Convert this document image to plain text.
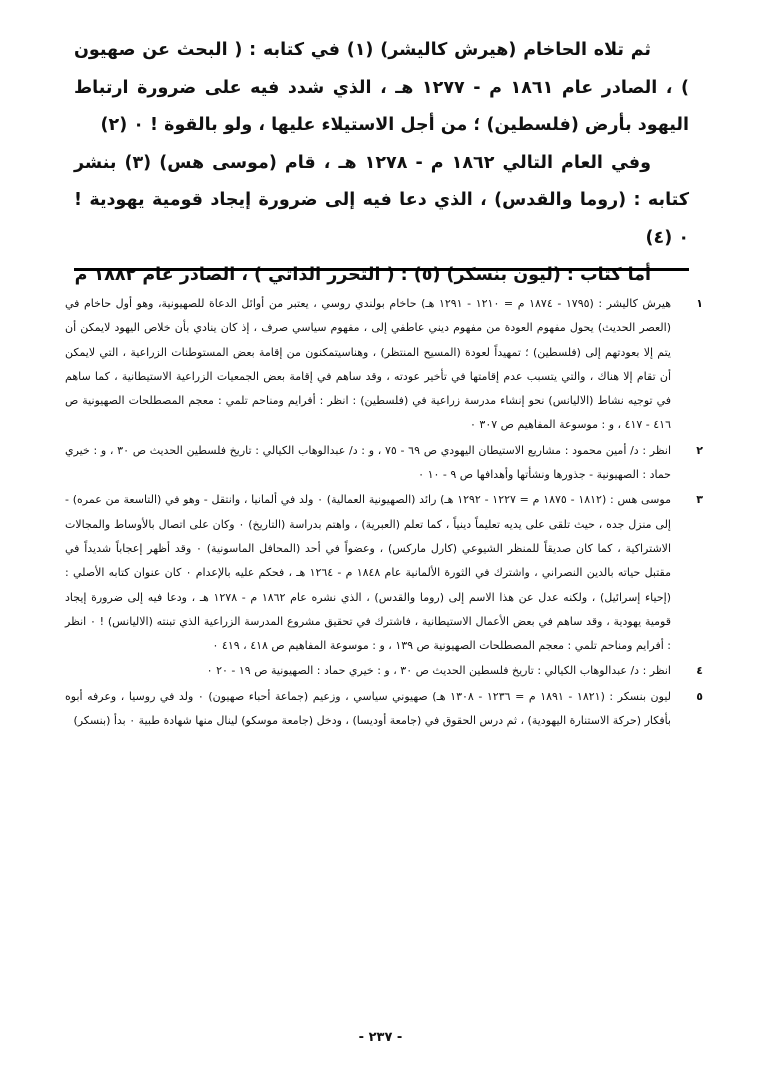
ثم تلاه الحاخام (هيرش كاليشر) (١) في كتابه : ( البحث عن صهيون ) ، الصادر عام ١٨٦١ م - ١٢٧٧ هـ ، الذي شدد فيه على ضرورة ارتباط اليهود بأرض (فلسطين) ؛ من أجل الاستيلاء عليها ، ولو بالقوة ! ٠ (٢)

وفي العام التالي ١٨٦٢ م - ١٢٧٨ هـ ، قام (موسى هس) (٣) بنشر كتابه : (روما والقدس) ، الذي دعا فيه إلى ضرورة إيجاد قومية يهودية ! ٠ (٤)

أما كتاب : (ليون بنسكر) (٥) : ( التحرر الذاتي ) ، الصادر عام ١٨٨٢ م

١
هيرش كاليشر : (١٧٩٥ - ١٨٧٤ م = ١٢١٠ - ١٢٩١ هـ) حاخام بولندي روسي ، يعتبر من أوائل الدعاة للصهيونية، وهو أول حاخام في (العصر الحديث) يحول مفهوم العودة من مفهوم ديني عاطفي إلى ، مفهوم سياسي صرف ، إذ كان ينادي بأن خلاص اليهود لايمكن أن يتم إلا بعودتهم إلى (فلسطين) ؛ تمهيداً لعودة (المسيح المنتظر) ، وهناسيتمكنون من إقامة بعض المستوطنات الزراعية ، التي لايمكن أن تقام إلا هناك ، والتي يتسبب عدم إقامتها في تأخير عودته ، وقد ساهم في إقامة بعض الجمعيات الزراعية الاستيطانية ، كما ساهم في توجيه نشاط (الاليانس) نحو إنشاء مدرسة زراعية في (فلسطين) : انظر : أفرايم ومناحم تلمي : معجم المصطلحات الصهيونية ص ٤١٦ - ٤١٧ ، و : موسوعة المفاهيم ص ٣٠٧ ٠
٢
انظر : د/ أمين محمود : مشاريع الاستيطان اليهودي ص ٦٩ - ٧٥ ، و : د/ عبدالوهاب الكيالي : تاريخ فلسطين الحديث ص ٣٠ ، و : خيري حماد : الصهيونية - جذورها ونشأتها وأهدافها ص ٩ - ١٠ ٠
٣
موسى هس : (١٨١٢ - ١٨٧٥ م = ١٢٢٧ - ١٢٩٢ هـ) رائد (الصهيونية العمالية) ٠ ولد في ألمانيا ، وانتقل - وهو في (التاسعة من عمره) - إلى منزل جده ، حيث تلقى على يديه تعليماً دينياً ، كما تعلم (العبرية) ، واهتم بدراسة (التاريخ) ٠ وكان على اتصال بالأوساط والمجالات الاشتراكية ، كما كان صديقاً للمنظر الشيوعي (كارل ماركس) ، وعضواً في أحد (المحافل الماسونية) ٠ وقد أظهر إعجاباً شديداً في مقتبل حياته بالدين النصراني ، واشترك في الثورة الألمانية عام ١٨٤٨ م - ١٢٦٤ هـ ، فحكم عليه بالإعدام ٠ كان عنوان كتابه الأصلي : (إحياء إسرائيل) ، ولكنه عدل عن هذا الاسم إلى (روما والقدس) ، الذي نشره عام ١٨٦٢ م - ١٢٧٨ هـ ، ودعا فيه إلى ضرورة إيجاد قومية يهودية ، وقد ساهم في بعض الأعمال الاستيطانية ، فاشترك في تحقيق مشروع المدرسة الزراعية الذي تبنته (الاليانس) ! ٠ انظر : أفرايم ومناحم تلمي : معجم المصطلحات الصهيونية ص ١٣٩ ، و : موسوعة المفاهيم ص ٤١٨ ، ٤١٩ ٠
٤
انظر : د/ عبدالوهاب الكيالي : تاريخ فلسطين الحديث ص ٣٠ ، و : خيري حماد : الصهيونية ص ١٩ - ٢٠ ٠
٥
ليون بنسكر : (١٨٢١ - ١٨٩١ م = ١٢٣٦ - ١٣٠٨ هـ) صهيوني سياسي ، وزعيم (جماعة أحباء صهيون) ٠ ولد في روسيا ، وعرفه أبوه بأفكار (حركة الاستنارة اليهودية) ، ثم درس الحقوق في (جامعة أوديسا) ، ودخل (جامعة موسكو) لينال منها شهادة طبية ٠ بدأ (بنسكر)
- ٢٣٧ -
